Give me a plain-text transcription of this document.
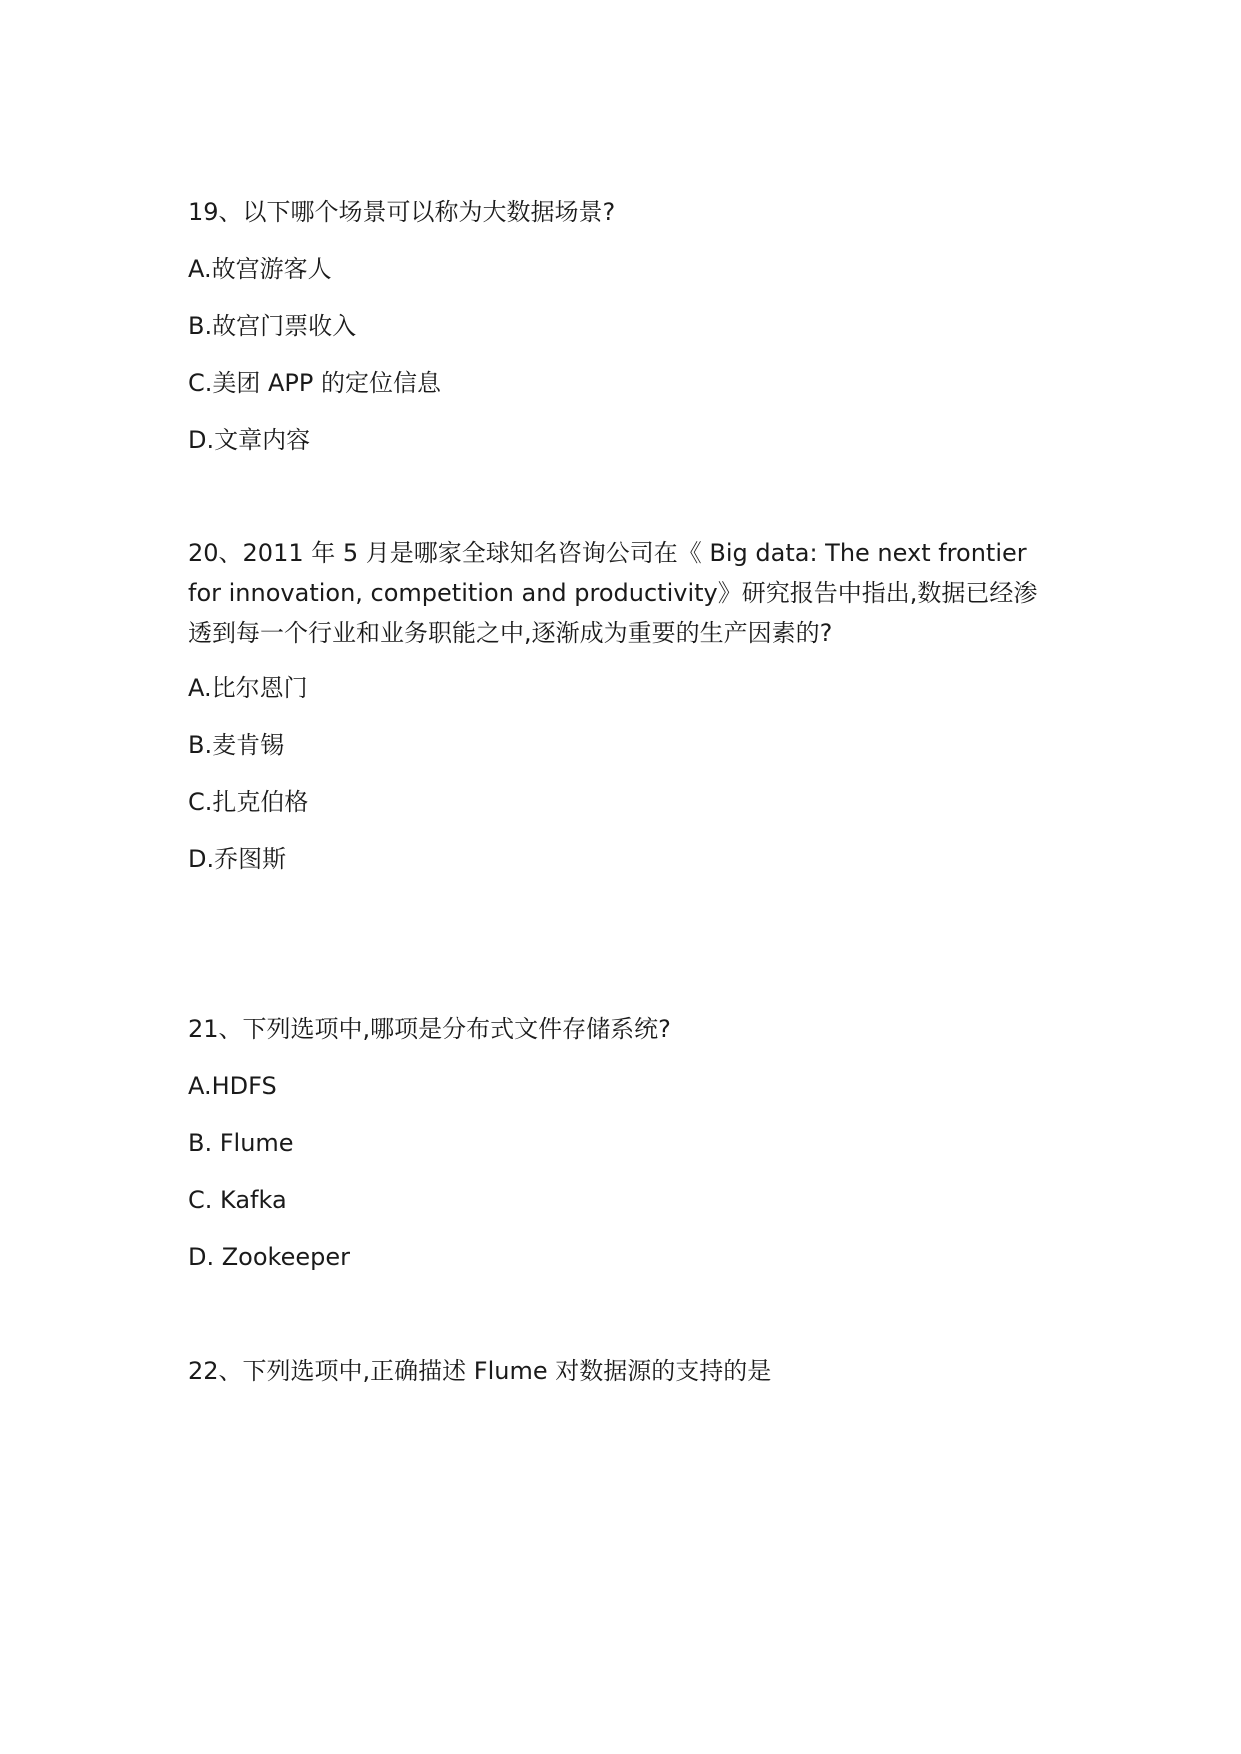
19、以下哪个场景可以称为大数据场景?
A.故宫游客人
B.故宫门票收入
C.美团 APP 的定位信息
D.文章内容
20、2011 年 5 月是哪家全球知名咨询公司在《 Big data: The next frontier
for innovation, competition and productivity》研究报告中指出,数据已经渗
透到每一个行业和业务职能之中,逐渐成为重要的生产因素的?
A.比尔恩门
B.麦肯锡
C.扎克伯格
D.乔图斯
21、下列选项中,哪项是分布式文件存储系统?
A.HDFS
B. Flume
C. Kafka
D. Zookeeper
22、下列选项中,正确描述 Flume 对数据源的支持的是
